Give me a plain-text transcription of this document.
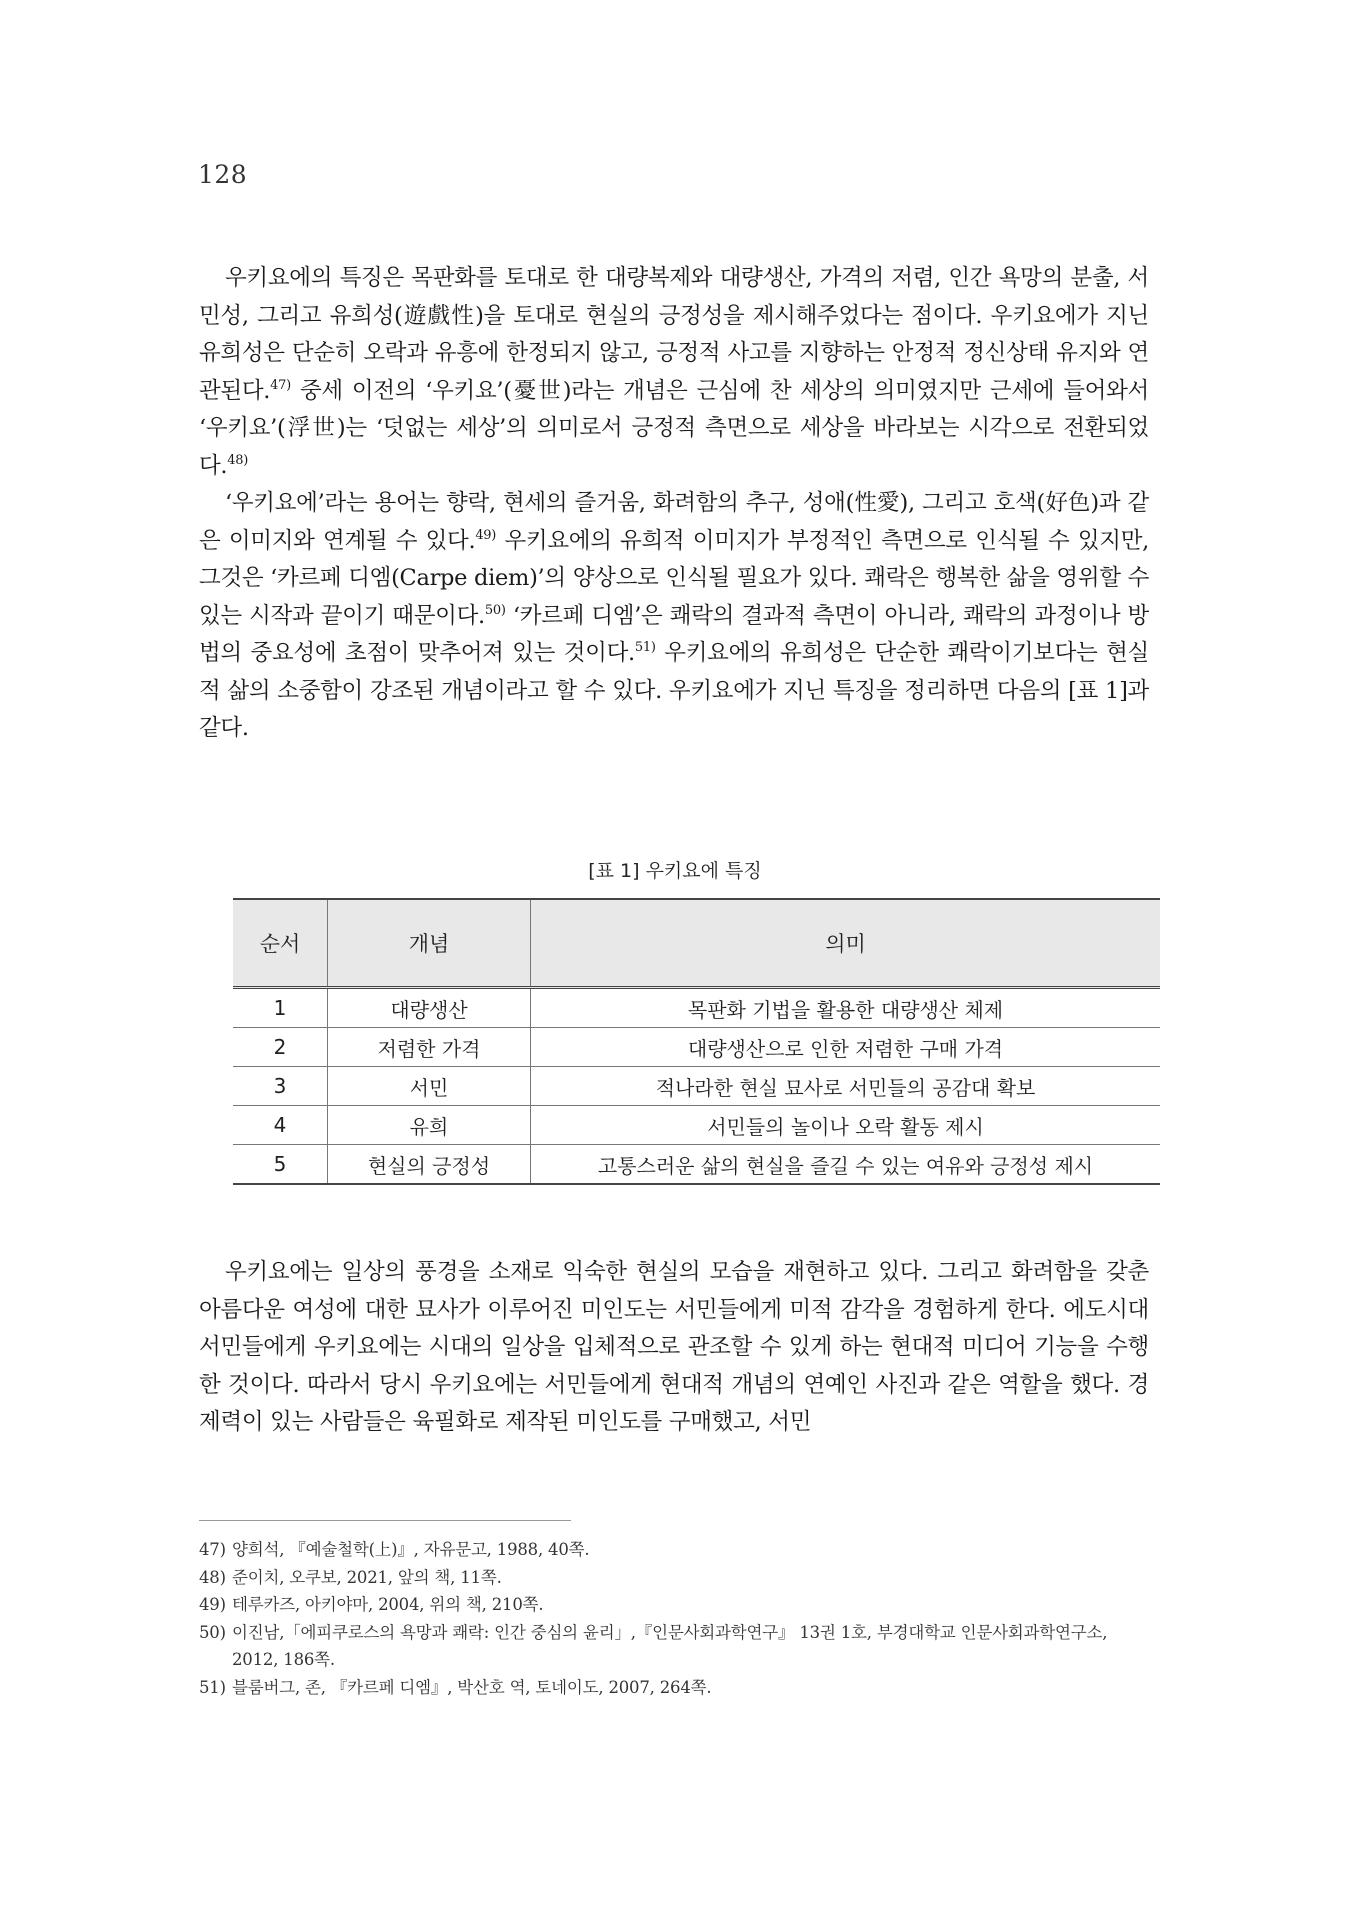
128

우키요에의 특징은 목판화를 토대로 한 대량복제와 대량생산, 가격의 저렴, 인간 욕망의 분출, 서민성, 그리고 유희성(遊戲性)을 토대로 현실의 긍정성을 제시해주었다는 점이다. 우키요에가 지닌 유희성은 단순히 오락과 유흥에 한정되지 않고, 긍정적 사고를 지향하는 안정적 정신상태 유지와 연관된다.$^{47)}$ 중세 이전의 ‘우키요’(憂世)라는 개념은 근심에 찬 세상의 의미였지만 근세에 들어와서 ‘우키요’(浮世)는 ‘덧없는 세상’의 의미로서 긍정적 측면으로 세상을 바라보는 시각으로 전환되었다.$^{48)}$

‘우키요에’라는 용어는 향락, 현세의 즐거움, 화려함의 추구, 성애(性愛), 그리고 호색(好色)과 같은 이미지와 연계될 수 있다.$^{49)}$ 우키요에의 유희적 이미지가 부정적인 측면으로 인식될 수 있지만, 그것은 ‘카르페 디엠(Carpe diem)’의 양상으로 인식될 필요가 있다. 쾌락은 행복한 삶을 영위할 수 있는 시작과 끝이기 때문이다.$^{50)}$ ‘카르페 디엠’은 쾌락의 결과적 측면이 아니라, 쾌락의 과정이나 방법의 중요성에 초점이 맞추어져 있는 것이다.$^{51)}$ 우키요에의 유희성은 단순한 쾌락이기보다는 현실적 삶의 소중함이 강조된 개념이라고 할 수 있다. 우키요에가 지닌 특징을 정리하면 다음의 [표 1]과 같다.

[표 1] 우키요에 특징
순서	개념	의미
1	대량생산	목판화 기법을 활용한 대량생산 체제
2	저렴한 가격	대량생산으로 인한 저렴한 구매 가격
3	서민	적나라한 현실 묘사로 서민들의 공감대 확보
4	유희	서민들의 놀이나 오락 활동 제시
5	현실의 긍정성	고통스러운 삶의 현실을 즐길 수 있는 여유와 긍정성 제시

우키요에는 일상의 풍경을 소재로 익숙한 현실의 모습을 재현하고 있다. 그리고 화려함을 갖춘 아름다운 여성에 대한 묘사가 이루어진 미인도는 서민들에게 미적 감각을 경험하게 한다. 에도시대 서민들에게 우키요에는 시대의 일상을 입체적으로 관조할 수 있게 하는 현대적 미디어 기능을 수행한 것이다. 따라서 당시 우키요에는 서민들에게 현대적 개념의 연예인 사진과 같은 역할을 했다. 경제력이 있는 사람들은 육필화로 제작된 미인도를 구매했고, 서민

47) 양희석, 『예술철학(上)』, 자유문고, 1988, 40쪽.
48) 준이치, 오쿠보, 2021, 앞의 책, 11쪽.
49) 테루카즈, 아키야마, 2004, 위의 책, 210쪽.
50) 이진남,「에피쿠로스의 욕망과 쾌락: 인간 중심의 윤리」,『인문사회과학연구』 13권 1호, 부경대학교 인문사회과학연구소, 2012, 186쪽.
51) 블룸버그, 존, 『카르페 디엠』, 박산호 역, 토네이도, 2007, 264쪽.
